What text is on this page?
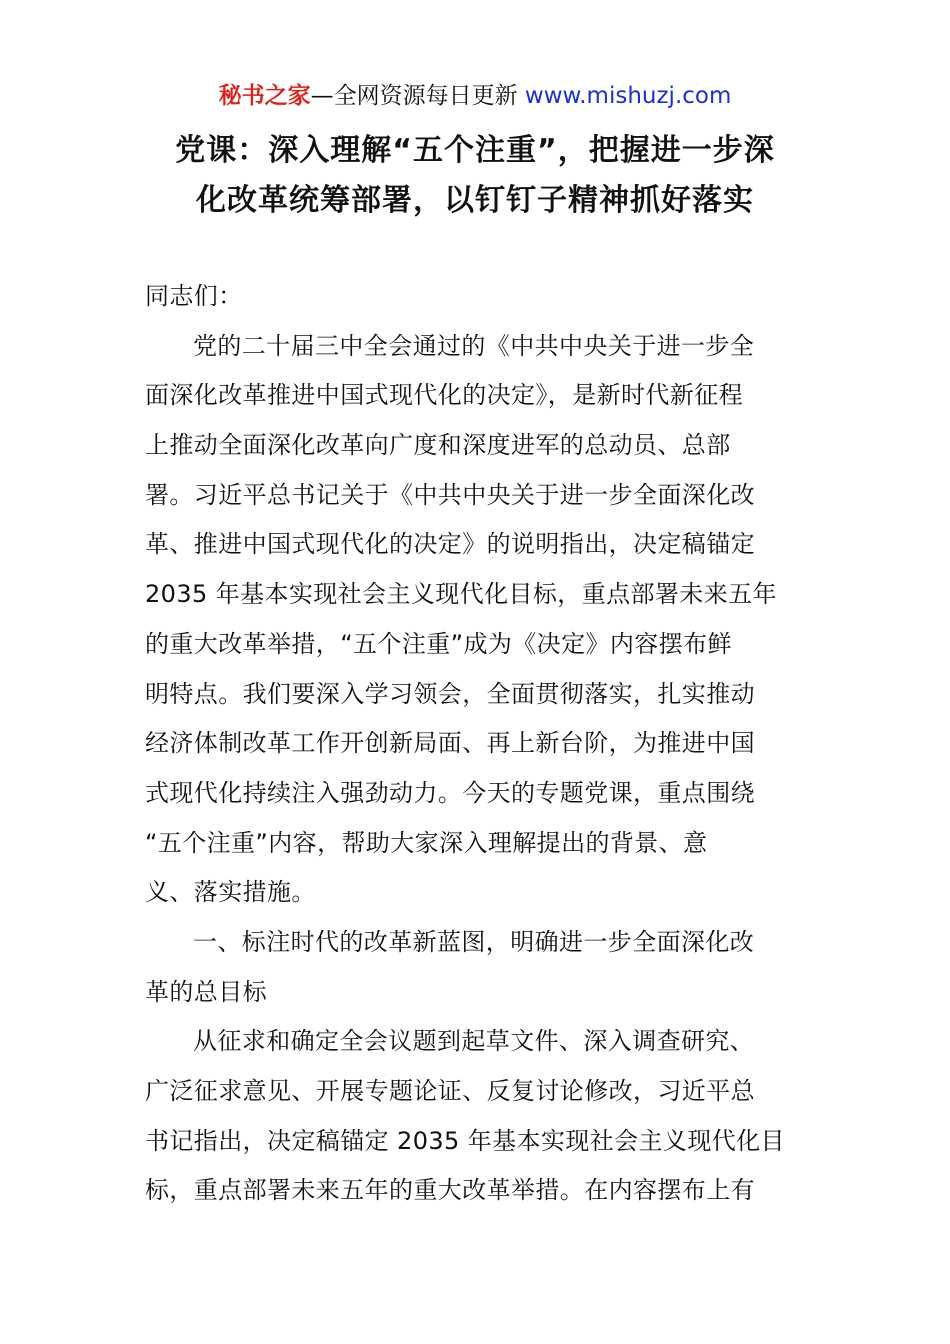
秘书之家—全网资源每日更新 www.mishuzj.com
党课：深入理解“五个注重”，把握进一步深
化改革统筹部署，以钉钉子精神抓好落实
同志们：
党的二十届三中全会通过的《中共中央关于进一步全
面深化改革推进中国式现代化的决定》，是新时代新征程
上推动全面深化改革向广度和深度进军的总动员、总部
署。习近平总书记关于《中共中央关于进一步全面深化改
革、推进中国式现代化的决定》的说明指出，决定稿锚定
2035 年基本实现社会主义现代化目标，重点部署未来五年
的重大改革举措，“五个注重”成为《决定》内容摆布鲜
明特点。我们要深入学习领会，全面贯彻落实，扎实推动
经济体制改革工作开创新局面、再上新台阶，为推进中国
式现代化持续注入强劲动力。今天的专题党课，重点围绕
“五个注重”内容，帮助大家深入理解提出的背景、意
义、落实措施。
一、标注时代的改革新蓝图，明确进一步全面深化改
革的总目标
从征求和确定全会议题到起草文件、深入调查研究、
广泛征求意见、开展专题论证、反复讨论修改，习近平总
书记指出，决定稿锚定 2035 年基本实现社会主义现代化目
标，重点部署未来五年的重大改革举措。在内容摆布上有
